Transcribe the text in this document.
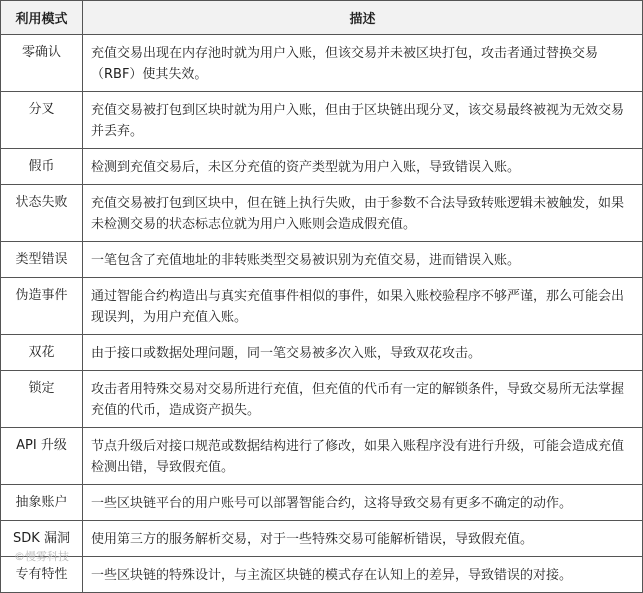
利用模式	描述
零确认	充值交易出现在内存池时就为用户入账，但该交易并未被区块打包，攻击者通过替换交易（RBF）使其失效。
分叉	充值交易被打包到区块时就为用户入账，但由于区块链出现分叉，该交易最终被视为无效交易并丢弃。
假币	检测到充值交易后，未区分充值的资产类型就为用户入账，导致错误入账。
状态失败	充值交易被打包到区块中，但在链上执行失败，由于参数不合法导致转账逻辑未被触发，如果未检测交易的状态标志位就为用户入账则会造成假充值。
类型错误	一笔包含了充值地址的非转账类型交易被识别为充值交易，进而错误入账。
伪造事件	通过智能合约构造出与真实充值事件相似的事件，如果入账校验程序不够严谨，那么可能会出现误判，为用户充值入账。
双花	由于接口或数据处理问题，同一笔交易被多次入账，导致双花攻击。
锁定	攻击者用特殊交易对交易所进行充值，但充值的代币有一定的解锁条件，导致交易所无法掌握充值的代币，造成资产损失。
API 升级	节点升级后对接口规范或数据结构进行了修改，如果入账程序没有进行升级，可能会造成充值检测出错，导致假充值。
抽象账户	一些区块链平台的用户账号可以部署智能合约，这将导致交易有更多不确定的动作。
SDK 漏洞	使用第三方的服务解析交易，对于一些特殊交易可能解析错误，导致假充值。
专有特性	一些区块链的特殊设计，与主流区块链的模式存在认知上的差异，导致错误的对接。
©慢雾科技
